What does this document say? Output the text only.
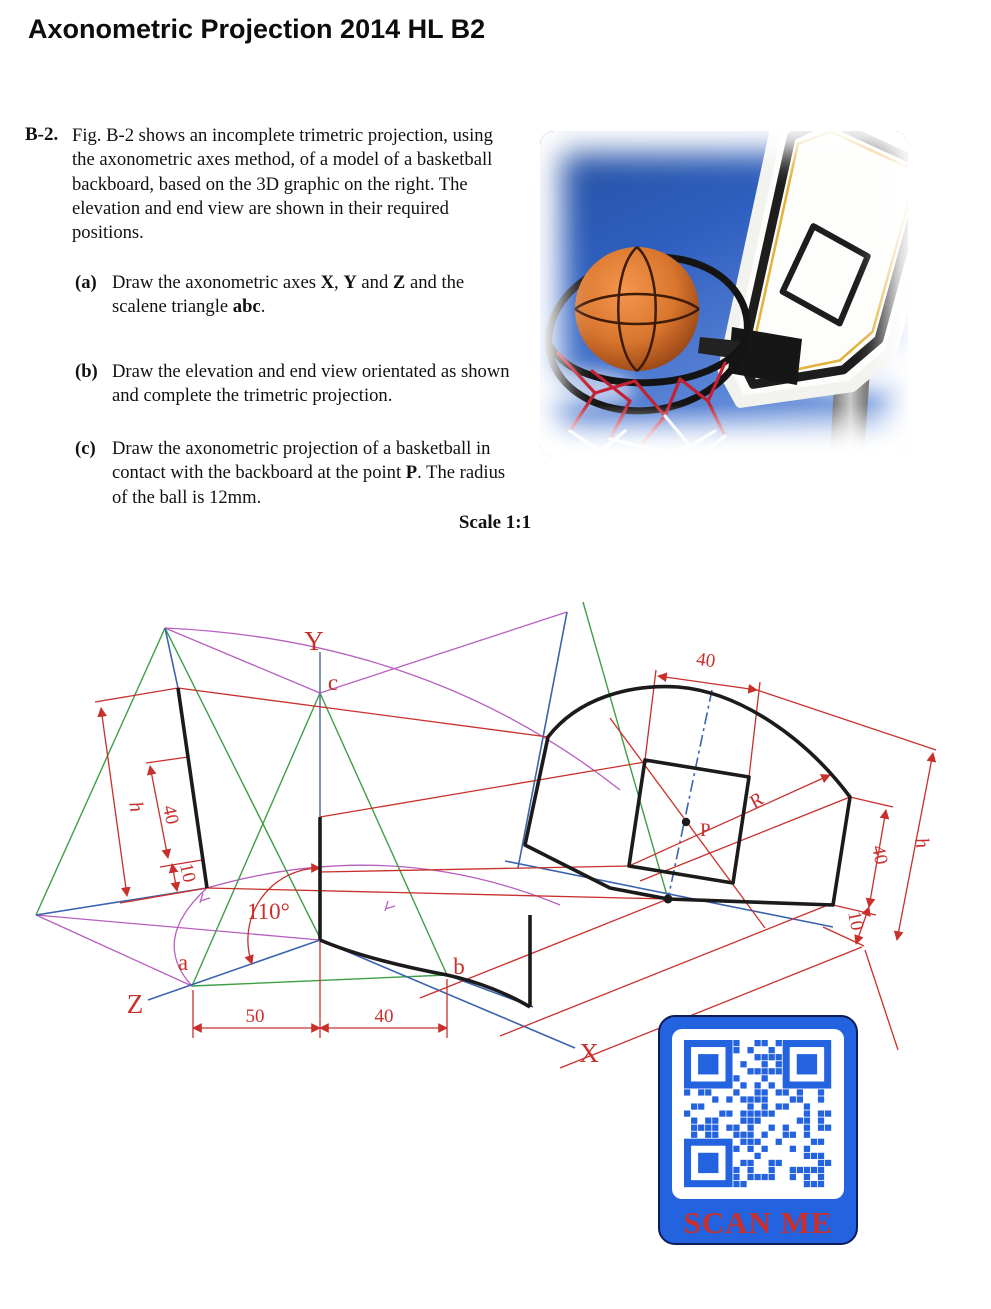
Axonometric Projection 2014 HL B2
B-2. Fig. B-2 shows an incomplete trimetric projection, using the axonometric axes method, of a model of a basketball backboard, based on the 3D graphic on the right. The elevation and end view are shown in their required positions.
(a) Draw the axonometric axes X, Y and Z and the scalene triangle abc.
(b) Draw the elevation and end view orientated as shown and complete the trimetric projection.
(c) Draw the axonometric projection of a basketball in contact with the backboard at the point P. The radius of the ball is 12mm.
Scale 1:1
Y
Z
X
c
a	b
110°
50	40
h 40
10
40
R
P
40
10
h
SCAN ME
